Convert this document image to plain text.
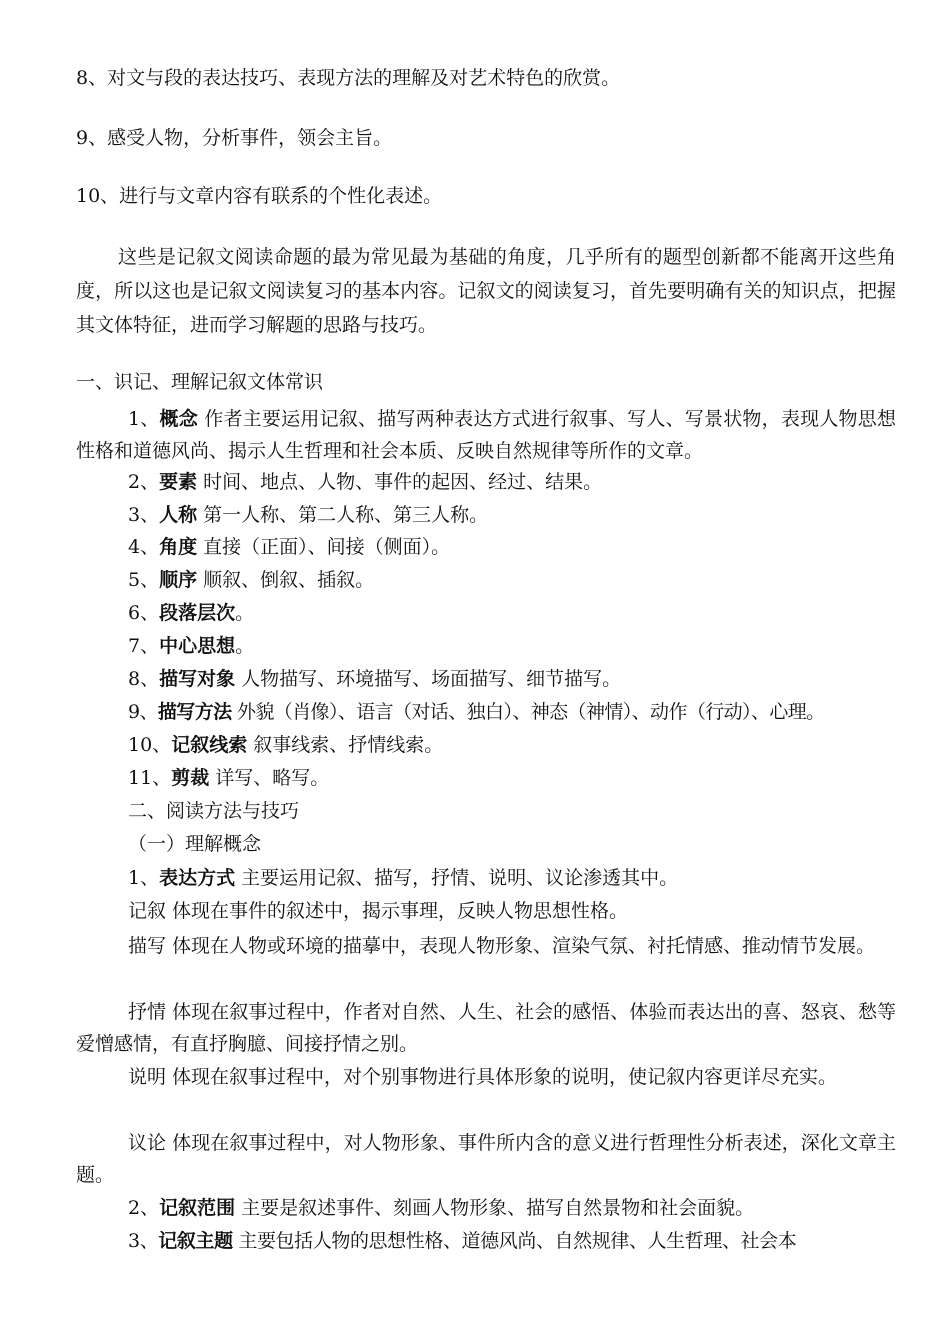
8、对文与段的表达技巧、表现方法的理解及对艺术特色的欣赏。
9、感受人物，分析事件，领会主旨。
10、进行与文章内容有联系的个性化表述。
这些是记叙文阅读命题的最为常见最为基础的角度，几乎所有的题型创新都不能离开这些角度，所以这也是记叙文阅读复习的基本内容。记叙文的阅读复习，首先要明确有关的知识点，把握其文体特征，进而学习解题的思路与技巧。
一、识记、理解记叙文体常识
1、概念 作者主要运用记叙、描写两种表达方式进行叙事、写人、写景状物，表现人物思想性格和道德风尚、揭示人生哲理和社会本质、反映自然规律等所作的文章。
2、要素 时间、地点、人物、事件的起因、经过、结果。
3、人称 第一人称、第二人称、第三人称。
4、角度 直接（正面）、间接（侧面）。
5、顺序 顺叙、倒叙、插叙。
6、段落层次。
7、中心思想。
8、描写对象 人物描写、环境描写、场面描写、细节描写。
9、描写方法 外貌（肖像）、语言（对话、独白）、神态（神情）、动作（行动）、心理。
10、记叙线索 叙事线索、抒情线索。
11、剪裁 详写、略写。
二、阅读方法与技巧
（一）理解概念
1、表达方式 主要运用记叙、描写，抒情、说明、议论渗透其中。
记叙 体现在事件的叙述中，揭示事理，反映人物思想性格。
描写 体现在人物或环境的描摹中，表现人物形象、渲染气氛、衬托情感、推动情节发展。
抒情 体现在叙事过程中，作者对自然、人生、社会的感悟、体验而表达出的喜、怒哀、愁等爱憎感情，有直抒胸臆、间接抒情之别。
说明 体现在叙事过程中，对个别事物进行具体形象的说明，使记叙内容更详尽充实。
议论 体现在叙事过程中，对人物形象、事件所内含的意义进行哲理性分析表述，深化文章主题。
2、记叙范围 主要是叙述事件、刻画人物形象、描写自然景物和社会面貌。
3、记叙主题 主要包括人物的思想性格、道德风尚、自然规律、人生哲理、社会本
